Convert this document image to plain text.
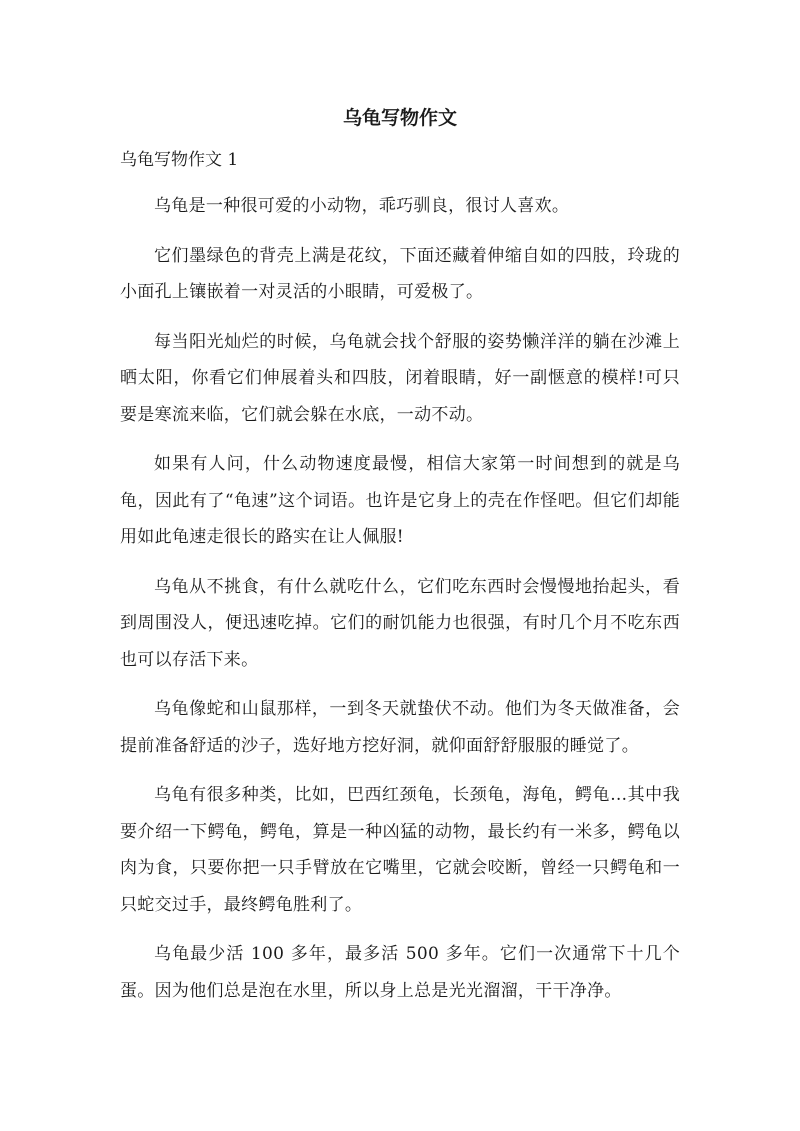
乌龟写物作文

乌龟写物作文 1

乌龟是一种很可爱的小动物，乖巧驯良，很讨人喜欢。

它们墨绿色的背壳上满是花纹，下面还藏着伸缩自如的四肢，玲珑的小面孔上镶嵌着一对灵活的小眼睛，可爱极了。

每当阳光灿烂的时候，乌龟就会找个舒服的姿势懒洋洋的躺在沙滩上晒太阳，你看它们伸展着头和四肢，闭着眼睛，好一副惬意的模样!可只要是寒流来临，它们就会躲在水底，一动不动。

如果有人问，什么动物速度最慢，相信大家第一时间想到的就是乌龟，因此有了“龟速”这个词语。也许是它身上的壳在作怪吧。但它们却能用如此龟速走很长的路实在让人佩服!

乌龟从不挑食，有什么就吃什么，它们吃东西时会慢慢地抬起头，看到周围没人，便迅速吃掉。它们的耐饥能力也很强，有时几个月不吃东西也可以存活下来。

乌龟像蛇和山鼠那样，一到冬天就蛰伏不动。他们为冬天做准备，会提前准备舒适的沙子，选好地方挖好洞，就仰面舒舒服服的睡觉了。

乌龟有很多种类，比如，巴西红颈龟，长颈龟，海龟，鳄龟…其中我要介绍一下鳄龟，鳄龟，算是一种凶猛的动物，最长约有一米多，鳄龟以肉为食，只要你把一只手臂放在它嘴里，它就会咬断，曾经一只鳄龟和一只蛇交过手，最终鳄龟胜利了。

乌龟最少活 100 多年，最多活 500 多年。它们一次通常下十几个蛋。因为他们总是泡在水里，所以身上总是光光溜溜，干干净净。
